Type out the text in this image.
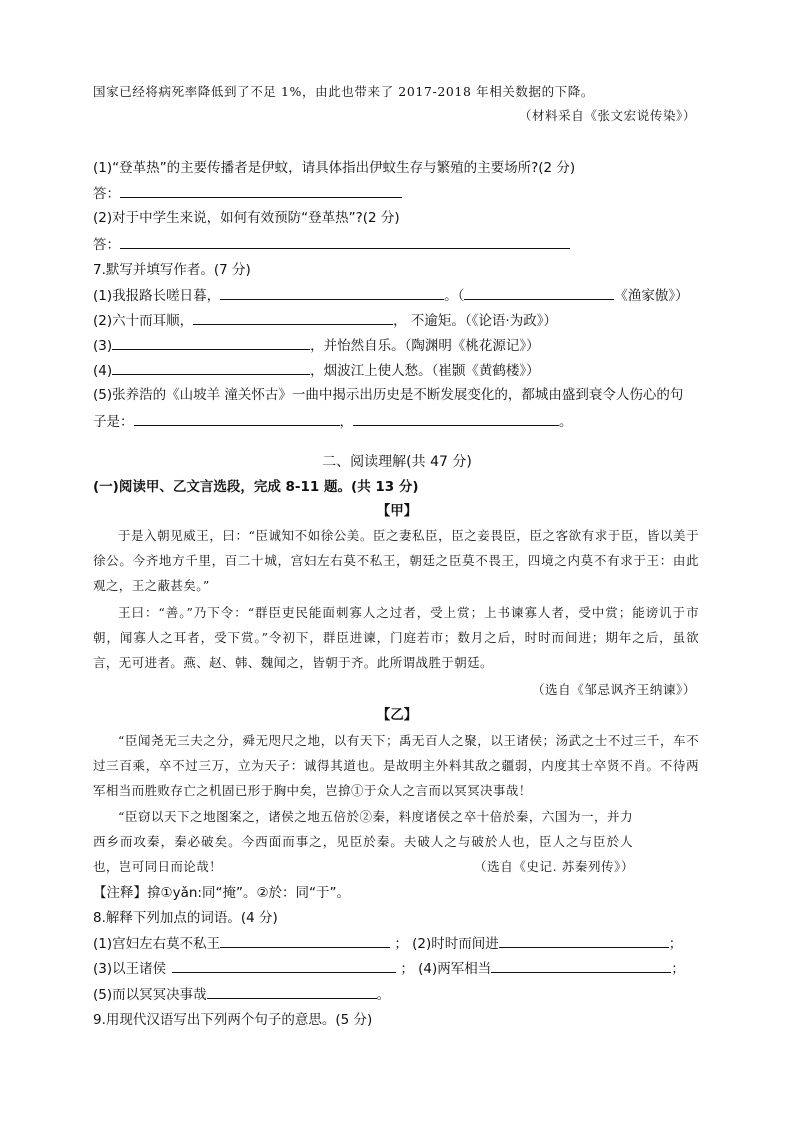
国家已经将病死率降低到了不足 1%，由此也带来了 2017-2018 年相关数据的下降。
（材料采自《张文宏说传染》）
(1)“登革热”的主要传播者是伊蚊，请具体指出伊蚊生存与繁殖的主要场所?(2 分)
答：
(2)对于中学生来说，如何有效预防“登革热”?(2 分)
答：
7.默写并填写作者。(7 分)
(1)我报路长嗟日暮，	。（	《渔家傲》）
(2)六十而耳顺，	， 不逾矩。（《论语·为政》）
(3)	，并怡然自乐。（陶渊明《桃花源记》）
(4)	，烟波江上使人愁。（崔颢《黄鹤楼》）
(5)张养浩的《山坡羊 潼关怀古》一曲中揭示出历史是不断发展变化的，都城由盛到衰令人伤心的句
子是：	，	。
二、阅读理解(共 47 分)
(一)阅读甲、乙文言选段，完成 8-11 题。(共 13 分)
【甲】
于是入朝见威王，曰：“臣诚知不如徐公美。臣之妻私臣，臣之妾畏臣，臣之客欲有求于臣，皆以美于徐公。今齐地方千里，百二十城，宫妇左右莫不私王，朝廷之臣莫不畏王，四境之内莫不有求于王：由此观之，王之蔽甚矣。”
王曰：“善。”乃下令：“群臣吏民能面刺寡人之过者，受上赏；上书谏寡人者，受中赏；能谤讥于市朝，闻寡人之耳者，受下赏。”令初下，群臣进谏，门庭若市；数月之后，时时而间进；期年之后，虽欲言，无可进者。燕、赵、韩、魏闻之，皆朝于齐。此所谓战胜于朝廷。
（选自《邹忌讽齐王纳谏》）
【乙】
“臣闻尧无三夫之分，舜无咫尺之地，以有天下；禹无百人之聚，以王诸侯；汤武之士不过三千，车不过三百乘，卒不过三万，立为天子：诚得其道也。是故明主外料其敌之疆弱，内度其士卒贤不肖。不待两军相当而胜败存亡之机固已形于胸中矣，岂揜①于众人之言而以冥冥决事哉！
“臣窃以天下之地图案之，诸侯之地五倍於②秦，料度诸侯之卒十倍於秦，六国为一，并力西乡而攻秦，秦必破矣。今西面而事之，见臣於秦。夫破人之与破於人也，臣人之与臣於人也，岂可同日而论哉！	（选自《史记. 苏秦列传》）
【注释】揜①yǎn:同“掩”。②於：同“于”。
8.解释下列加点的词语。(4 分)
(1)宫妇左右莫不私王	； (2)时时而间进	；
(3)以王诸侯	； (4)两军相当	；
(5)而以冥冥决事哉	。
9.用现代汉语写出下列两个句子的意思。(5 分)
